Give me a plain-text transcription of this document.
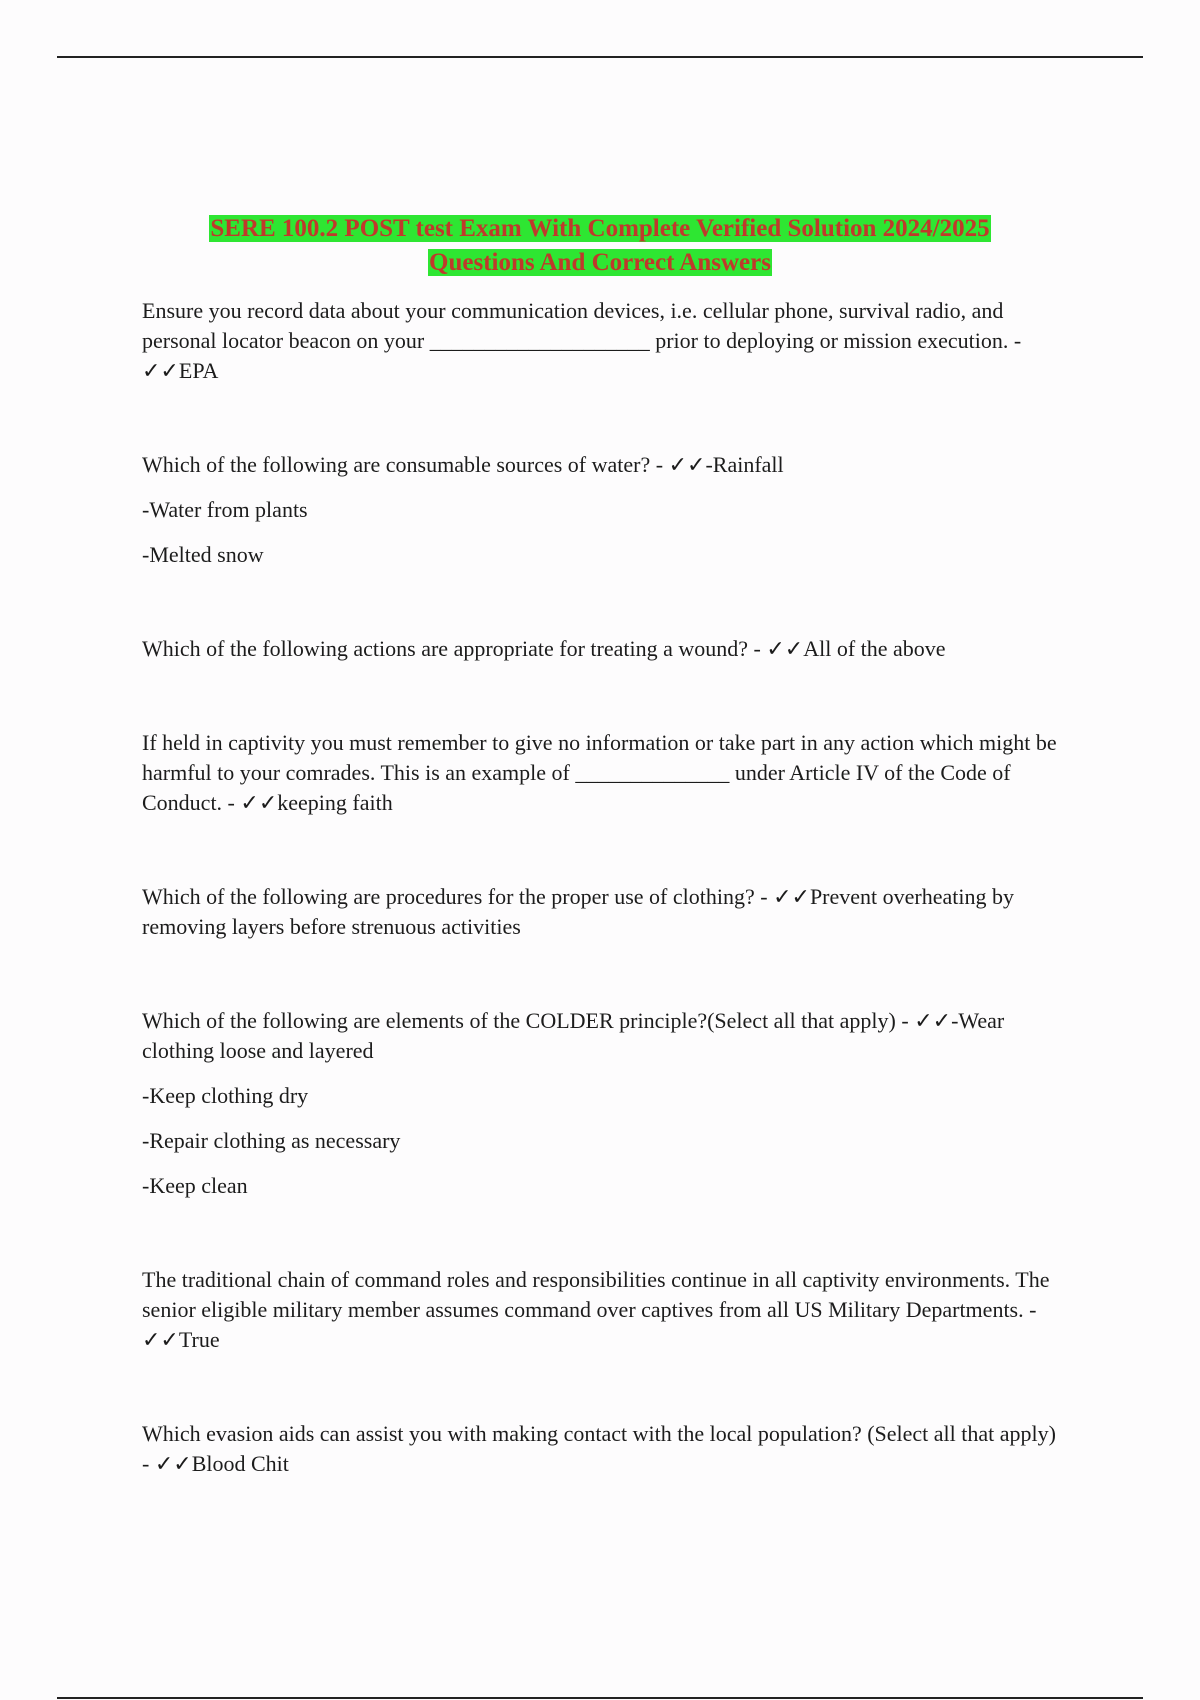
SERE 100.2 POST test Exam With Complete Verified Solution 2024/2025
Questions And Correct Answers

Ensure you record data about your communication devices, i.e. cellular phone, survival radio, and personal locator beacon on your ____________________ prior to deploying or mission execution. - ✓✓EPA

Which of the following are consumable sources of water? - ✓✓-Rainfall

-Water from plants

-Melted snow

Which of the following actions are appropriate for treating a wound? - ✓✓All of the above

If held in captivity you must remember to give no information or take part in any action which might be harmful to your comrades. This is an example of ______________ under Article IV of the Code of Conduct. - ✓✓keeping faith

Which of the following are procedures for the proper use of clothing? - ✓✓Prevent overheating by removing layers before strenuous activities

Which of the following are elements of the COLDER principle?(Select all that apply) - ✓✓-Wear clothing loose and layered

-Keep clothing dry

-Repair clothing as necessary

-Keep clean

The traditional chain of command roles and responsibilities continue in all captivity environments. The senior eligible military member assumes command over captives from all US Military Departments. - ✓✓True

Which evasion aids can assist you with making contact with the local population? (Select all that apply) - ✓✓Blood Chit
